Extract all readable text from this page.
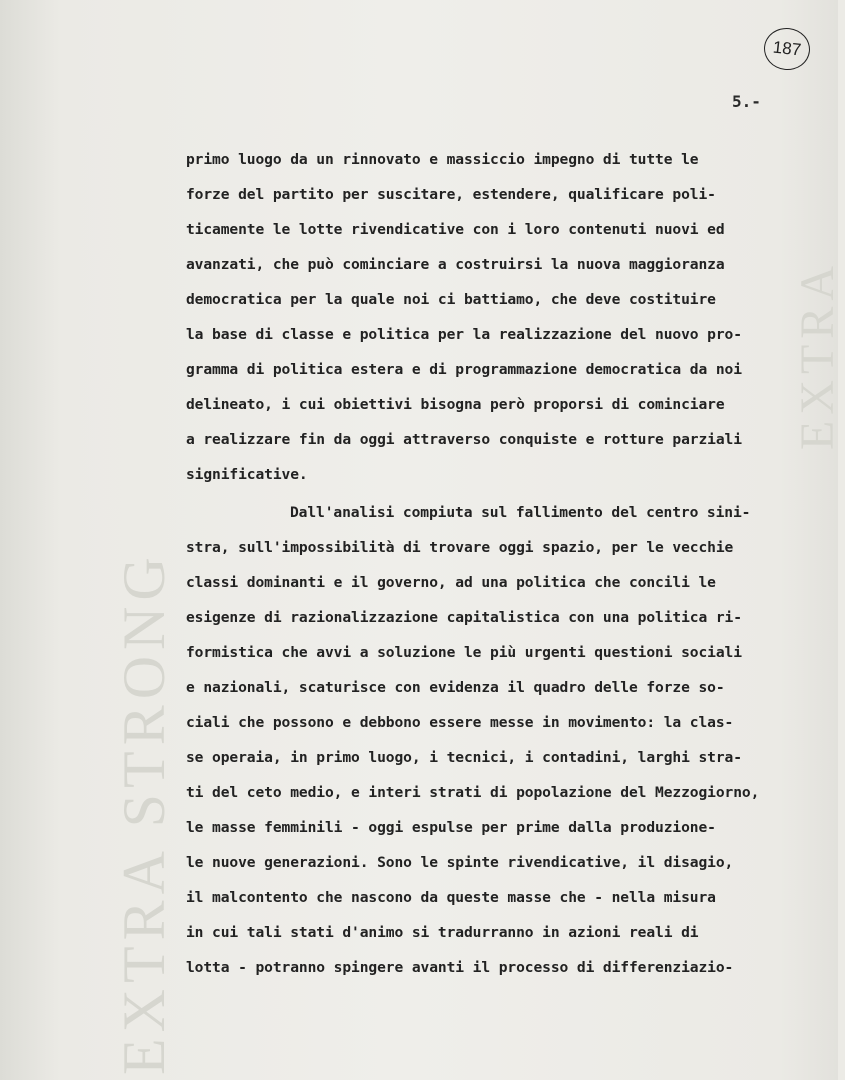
EXTRA STRONG
EXTRA
187
5.-
primo luogo da un rinnovato e massiccio impegno di tutte le
forze del partito per suscitare, estendere, qualificare poli-
ticamente le lotte rivendicative con i loro contenuti nuovi ed
avanzati, che può cominciare a costruirsi la nuova maggioranza
democratica per la quale noi ci battiamo, che deve costituire
la base di classe e politica per la realizzazione del nuovo pro-
gramma di politica estera e di programmazione democratica da noi
delineato, i cui obiettivi bisogna però proporsi di cominciare
a realizzare fin da oggi attraverso conquiste e rotture parziali
significative.
Dall'analisi compiuta sul fallimento del centro sini-
stra, sull'impossibilità di trovare oggi spazio, per le vecchie
classi dominanti e il governo, ad una politica che concili le
esigenze di razionalizzazione capitalistica con una politica ri-
formistica che avvi a soluzione le più urgenti questioni sociali
e nazionali, scaturisce con evidenza il quadro delle forze so-
ciali che possono e debbono essere messe in movimento: la clas-
se operaia, in primo luogo, i tecnici, i contadini, larghi stra-
ti del ceto medio, e interi strati di popolazione del Mezzogiorno,
le masse femminili - oggi espulse per prime dalla produzione-
le nuove generazioni. Sono le spinte rivendicative, il disagio,
il malcontento che nascono da queste masse che - nella misura
in cui tali stati d'animo si tradurranno in azioni reali di
lotta - potranno spingere avanti il processo di differenziazio-
